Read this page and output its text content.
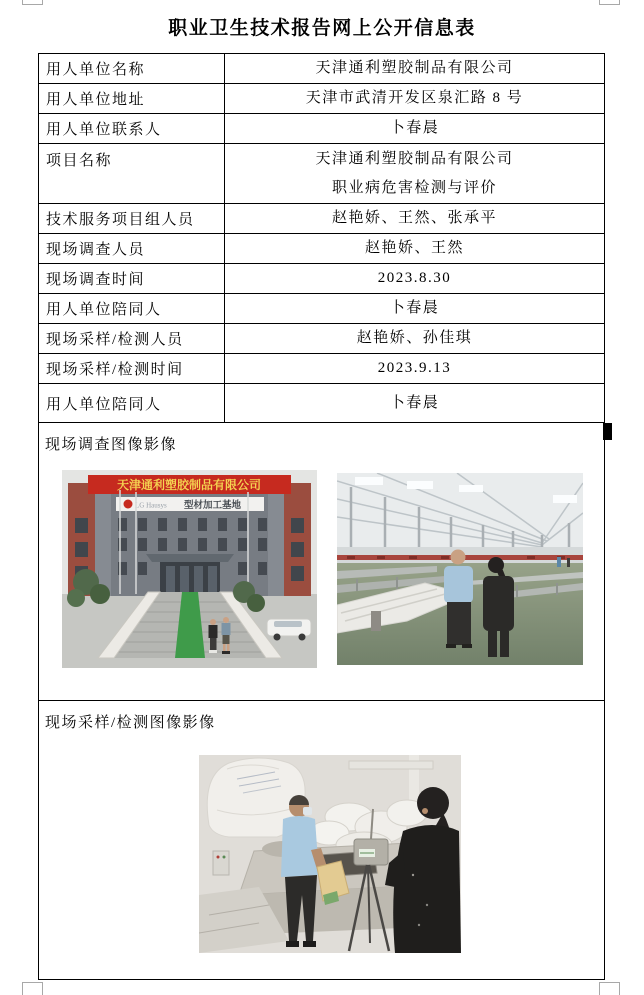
职业卫生技术报告网上公开信息表
用人单位名称	天津通利塑胶制品有限公司
用人单位地址	天津市武清开发区泉汇路 8 号
用人单位联系人	卜春晨
项目名称	天津通利塑胶制品有限公司
职业病危害检测与评价
技术服务项目组人员	赵艳娇、王然、张承平
现场调查人员	赵艳娇、王然
现场调查时间	2023.8.30
用人单位陪同人	卜春晨
现场采样/检测人员	赵艳娇、孙佳琪
现场采样/检测时间	2023.9.13
用人单位陪同人	卜春晨
现场调查图像影像
天津通利塑胶制品有限公司
LG Hausys 型材加工基地
现场采样/检测图像影像
